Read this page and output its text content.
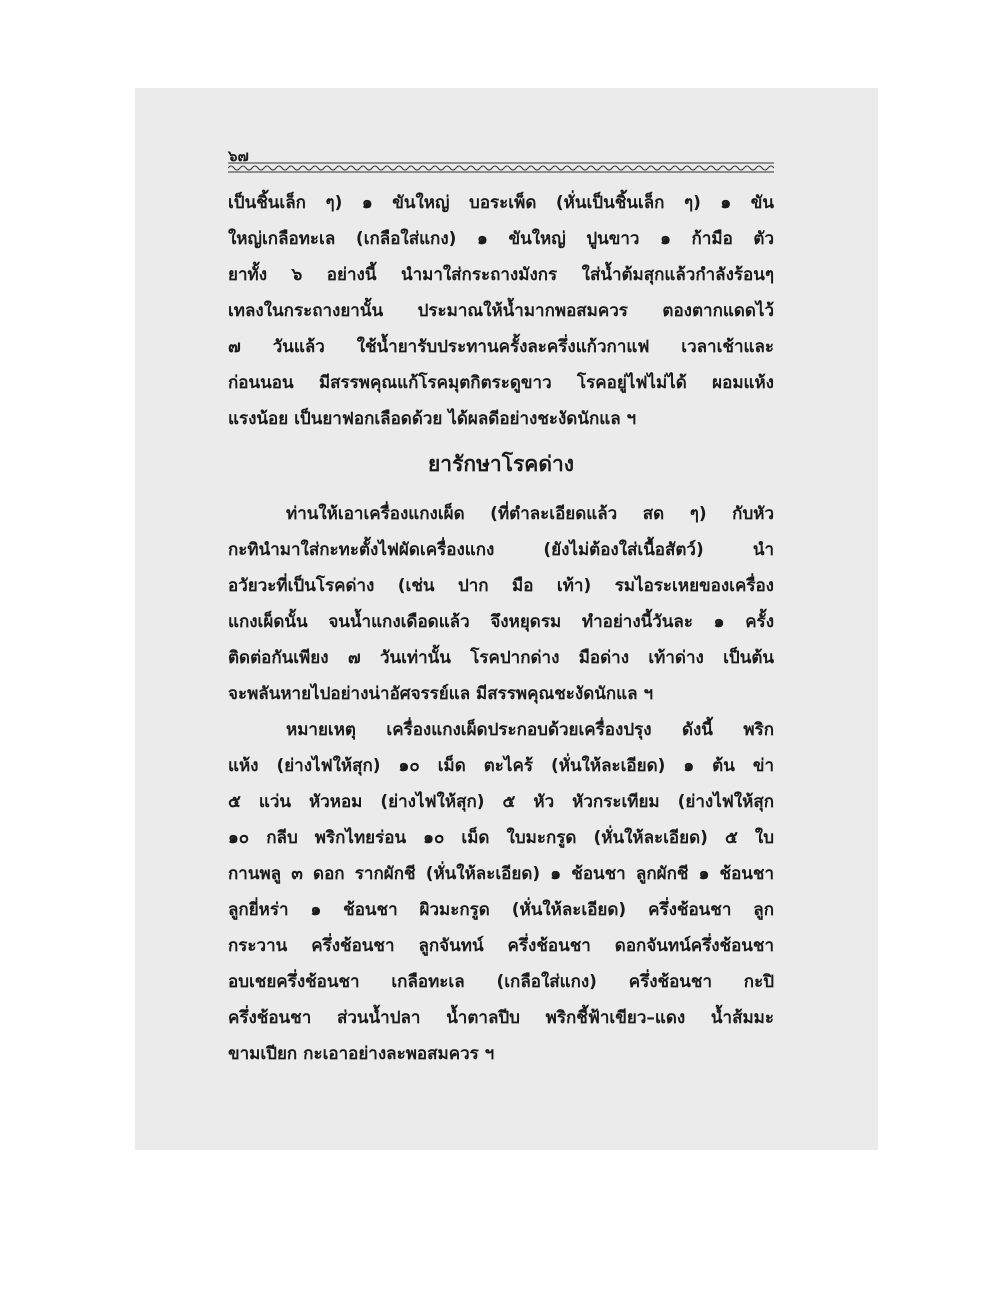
๖๗
เป็นชิ้นเล็ก ๆ) ๑ ขันใหญ่ บอระเพ็ด (หั่นเป็นชิ้นเล็ก ๆ) ๑ ขัน
ใหญ่เกลือทะเล (เกลือใส่แกง) ๑ ขันใหญ่ ปูนขาว ๑ ก้ามือ ตัว
ยาทั้ง ๖ อย่างนี้ นำมาใส่กระถางมังกร ใส่น้ำต้มสุกแล้วกำลังร้อนๆ
เทลงในกระถางยานั้น ประมาณให้น้ำมากพอสมควร ตองตากแดดไว้
๗ วันแล้ว ใช้น้ำยารับประทานครั้งละครึ่งแก้วกาแฟ เวลาเช้าและ
ก่อนนอน มีสรรพคุณแก้โรคมุตกิตระดูขาว โรคอยู่ไฟไม่ได้ ผอมแห้ง
แรงน้อย เป็นยาฟอกเลือดด้วย ได้ผลดีอย่างชะงัดนักแล ฯ
ยารักษาโรคด่าง
ท่านให้เอาเครื่องแกงเผ็ด (ที่ตำละเอียดแล้ว สด ๆ) กับหัว
กะทินำมาใส่กะทะตั้งไฟผัดเครื่องแกง (ยังไม่ต้องใส่เนื้อสัตว์) นำ
อวัยวะที่เป็นโรคด่าง (เช่น ปาก มือ เท้า) รมไอระเหยของเครื่อง
แกงเผ็ดนั้น จนน้ำแกงเดือดแล้ว จึงหยุดรม ทำอย่างนี้วันละ ๑ ครั้ง
ติดต่อกันเพียง ๗ วันเท่านั้น โรคปากด่าง มือด่าง เท้าด่าง เป็นต้น
จะพลันหายไปอย่างน่าอัศจรรย์แล มีสรรพคุณชะงัดนักแล ฯ
หมายเหตุ เครื่องแกงเผ็ดประกอบด้วยเครื่องปรุง ดังนี้ พริก
แห้ง (ย่างไฟให้สุก) ๑๐ เม็ด ตะไคร้ (หั่นให้ละเอียด) ๑ ต้น ข่า
๕ แว่น หัวหอม (ย่างไฟให้สุก) ๕ หัว หัวกระเทียม (ย่างไฟให้สุก
๑๐ กลีบ พริกไทยร่อน ๑๐ เม็ด ใบมะกรูด (หั่นให้ละเอียด) ๕ ใบ
กานพลู ๓ ดอก รากผักชี (หั่นให้ละเอียด) ๑ ช้อนชา ลูกผักชี ๑ ช้อนชา
ลูกยี่หร่า ๑ ช้อนชา ผิวมะกรูด (หั่นให้ละเอียด) ครึ่งช้อนชา ลูก
กระวาน ครึ่งช้อนชา ลูกจันทน์ ครึ่งช้อนชา ดอกจันทน์ครึ่งช้อนชา
อบเชยครึ่งช้อนชา เกลือทะเล (เกลือใส่แกง) ครึ่งช้อนชา กะปิ
ครึ่งช้อนชา ส่วนน้ำปลา น้ำตาลปีบ พริกชี้ฟ้าเขียว–แดง น้ำส้มมะ
ขามเปียก กะเอาอย่างละพอสมควร ฯ
